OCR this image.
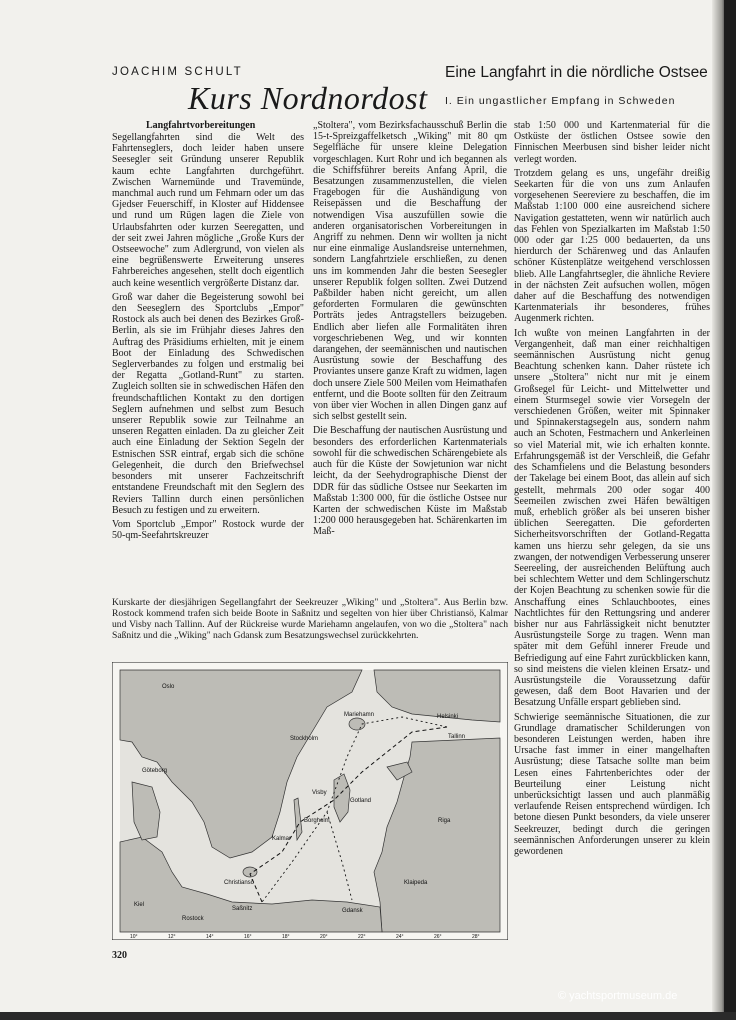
JOACHIM SCHULT	Eine Langfahrt in die nördliche Ostsee
Kurs Nordnordost I. Ein ungastlicher Empfang in Schweden
Langfahrtvorbereitungen

Segellangfahrten sind die Welt des Fahrtenseglers, doch leider haben unsere Seesegler seit Gründung unserer Republik kaum echte Langfahrten durchgeführt. Zwischen Warnemünde und Travemünde, manchmal auch rund um Fehmarn oder um das Gjedser Feuerschiff, in Kloster auf Hiddensee und rund um Rügen lagen die Ziele von Urlaubsfahrten oder kurzen Seeregatten, und der seit zwei Jahren mögliche „Große Kurs der Ostseewoche" zum Adlergrund, von vielen als eine begrüßenswerte Erweiterung unseres Fahrbereiches angesehen, stellt doch eigentlich auch keine wesentlich vergrößerte Distanz dar.

Groß war daher die Begeisterung sowohl bei den Seeseglern des Sportclubs „Empor" Rostock als auch bei denen des Bezirkes Groß-Berlin, als sie im Frühjahr dieses Jahres den Auftrag des Präsidiums erhielten, mit je einem Boot der Einladung des Schwedischen Seglerverbandes zu folgen und erstmalig bei der Regatta „Gotland-Runt" zu starten. Zugleich sollten sie in schwedischen Häfen den freundschaftlichen Kontakt zu den dortigen Seglern aufnehmen und selbst zum Besuch unserer Republik sowie zur Teilnahme an unseren Regatten einladen. Da zu gleicher Zeit auch eine Einladung der Sektion Segeln der Estnischen SSR eintraf, ergab sich die schöne Gelegenheit, die durch den Briefwechsel besonders mit unserer Fachzeitschrift entstandene Freundschaft mit den Seglern des Reviers Tallinn durch einen persönlichen Besuch zu festigen und zu erweitern.

Vom Sportclub „Empor" Rostock wurde der 50-qm-Seefahrtskreuzer

„Stoltera", vom Bezirksfachausschuß Berlin die 15-t-Spreizgaffelketsch „Wiking" mit 80 qm Segelfläche für unsere kleine Delegation vorgeschlagen. Kurt Rohr und ich begannen als die Schiffsführer bereits Anfang April, die Besatzungen zusammenzustellen, die vielen Fragebogen für die Aushändigung von Reisepässen und die Beschaffung der notwendigen Visa auszufüllen sowie die anderen organisatorischen Vorbereitungen in Angriff zu nehmen. Denn wir wollten ja nicht nur eine einmalige Auslandsreise unternehmen, sondern Langfahrtziele erschließen, zu denen uns im kommenden Jahr die besten Seesegler unserer Republik folgen sollten. Zwei Dutzend Paßbilder haben nicht gereicht, um allen geforderten Formularen die gewünschten Porträts jedes Antragstellers beizugeben. Endlich aber liefen alle Formalitäten ihren vorgeschriebenen Weg, und wir konnten darangehen, der seemännischen und nautischen Ausrüstung sowie der Beschaffung des Proviantes unsere ganze Kraft zu widmen, lagen doch unsere Ziele 500 Meilen vom Heimathafen entfernt, und die Boote sollten für den Zeitraum von über vier Wochen in allen Dingen ganz auf sich selbst gestellt sein.

Die Beschaffung der nautischen Ausrüstung und besonders des erforderlichen Kartenmaterials sowohl für die schwedischen Schärengebiete als auch für die Küste der Sowjetunion war nicht leicht, da der Seehydrographische Dienst der DDR für das südliche Ostsee nur Seekarten im Maßstab 1:300 000, für die östliche Ostsee nur Karten der schwedischen Küste im Maßstab 1:200 000 herausgegeben hat. Schärenkarten im Maß-

stab 1:50 000 und Kartenmaterial für die Ostküste der östlichen Ostsee sowie den Finnischen Meerbusen sind bisher leider nicht verlegt worden.

Trotzdem gelang es uns, ungefähr dreißig Seekarten für die von uns zum Anlaufen vorgesehenen Seereviere zu beschaffen, die im Maßstab 1:100 000 eine ausreichend sichere Navigation gestatteten, wenn wir natürlich auch das Fehlen von Spezialkarten im Maßstab 1:50 000 oder gar 1:25 000 bedauerten, da uns hierdurch der Schärenweg und das Anlaufen schöner Küstenplätze weitgehend verschlossen blieb. Alle Langfahrtsegler, die ähnliche Reviere in der nächsten Zeit aufsuchen wollen, mögen daher auf die Beschaffung des notwendigen Kartenmaterials ihr besonderes, frühes Augenmerk richten.

Ich wußte von meinen Langfahrten in der Vergangenheit, daß man einer reichhaltigen seemännischen Ausrüstung nicht genug Beachtung schenken kann. Daher rüstete ich unsere „Stoltera" nicht nur mit je einem Großsegel für Leicht- und Mittelwetter und einem Sturmsegel sowie vier Vorsegeln der verschiedenen Größen, weiter mit Spinnaker und Spinnakerstagsegeln aus, sondern nahm auch an Schoten, Festmachern und Ankerleinen so viel Material mit, wie ich erhalten konnte. Erfahrungsgemäß ist der Verschleiß, die Gefahr des Schamfielens und die Belastung besonders der Takelage bei einem Boot, das allein auf sich gestellt, mehrmals 200 oder sogar 400 Seemeilen zwischen zwei Häfen bewältigen muß, erheblich größer als bei unseren bisher üblichen Seeregatten. Die geforderten Sicherheitsvorschriften der Gotland-Regatta kamen uns hierzu sehr gelegen, da sie uns zwangen, der notwendigen Verbesserung unserer Seereeling, der ausreichenden Belüftung auch bei schlechtem Wetter und dem Schlingerschutz der Kojen Beachtung zu schenken sowie für die Anschaffung eines Schlauchbootes, eines Nachtlichtes für den Rettungsring und anderer bisher nur aus Fahrlässigkeit nicht benutzter Ausrüstungsteile Sorge zu tragen. Wenn man später mit dem Gefühl innerer Freude und Befriedigung auf eine Fahrt zurückblicken kann, so sind meistens die vielen kleinen Ersatz- und Ausrüstungsteile die Voraussetzung dafür gewesen, daß dem Boot Havarien und der Besatzung Unfälle erspart geblieben sind.

Schwierige seemännische Situationen, die zur Grundlage dramatischer Schilderungen von besonderen Leistungen werden, haben ihre Ursache fast immer in einer mangelhaften Ausrüstung; diese Tatsache sollte man beim Lesen eines Fahrtenberichtes oder der Beurteilung einer Leistung nicht unberücksichtigt lassen und auch planmäßig verlaufende Reisen entsprechend würdigen. Ich betone diesen Punkt besonders, da viele unserer Seekreuzer, bedingt durch die geringen seemännischen Anforderungen unserer zu klein gewordenen

Kurskarte der diesjährigen Segellangfahrt der Seekreuzer „Wiking" und „Stoltera". Aus Berlin bzw. Rostock kommend trafen sich beide Boote in Saßnitz und segelten von hier über Christiansö, Kalmar und Visby nach Tallinn. Auf der Rückreise wurde Mariehamn angelaufen, von wo die „Stoltera" nach Saßnitz und die „Wiking" nach Gdansk zum Besatzungswechsel zurückkehrten.
Helsinki
Tallinn
Stockholm
Mariehamn
Visby
Gotland
Kalmar
Borgholm	Riga
Klaipeda
Christiansö
Saßnitz
Rostock
Kiel
Gdansk
Göteborg
Oslo
10°	12°	14°	16°	18°	20°	22°	24°	26°	28°
320
© yachtsportmuseum.de
